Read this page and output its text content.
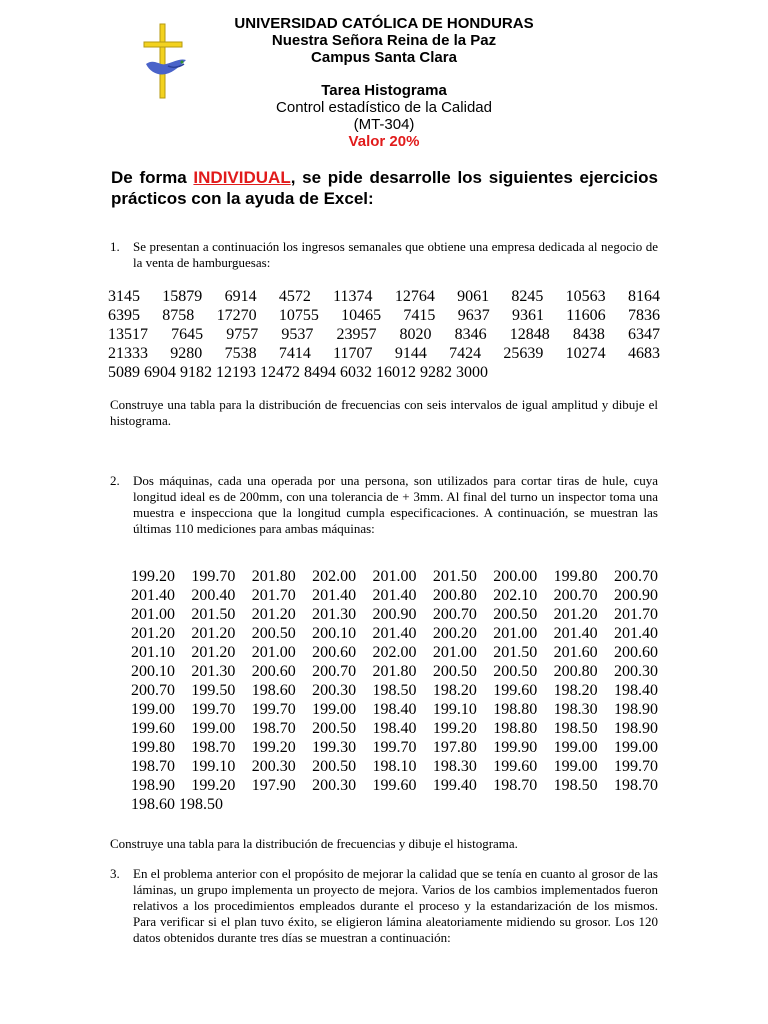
UNIVERSIDAD CATÓLICA DE HONDURAS
Nuestra Señora Reina de la Paz
Campus Santa Clara
Tarea Histograma
Control estadístico de la Calidad
(MT-304)
Valor 20%
De forma INDIVIDUAL, se pide desarrolle los siguientes ejercicios prácticos con la ayuda de Excel:
1.	Se presentan a continuación los ingresos semanales que obtiene una empresa dedicada al negocio de la venta de hamburguesas:
3145 15879 6914 4572 11374 12764 9061 8245 10563 8164
6395 8758 17270 10755 10465 7415 9637 9361 11606 7836
13517 7645 9757 9537 23957 8020 8346 12848 8438 6347
21333 9280 7538 7414 11707 9144 7424 25639 10274 4683
5089 6904 9182 12193 12472 8494 6032 16012 9282 3000
Construye una tabla para la distribución de frecuencias con seis intervalos de igual amplitud y dibuje el histograma.
2.	Dos máquinas, cada una operada por una persona, son utilizados para cortar tiras de hule, cuya longitud ideal es de 200mm, con una tolerancia de + 3mm. Al final del turno un inspector toma una muestra e inspecciona que la longitud cumpla especificaciones. A continuación, se muestran las últimas 110 mediciones para ambas máquinas:
199.20 199.70 201.80 202.00 201.00 201.50 200.00 199.80 200.70
201.40 200.40 201.70 201.40 201.40 200.80 202.10 200.70 200.90
201.00 201.50 201.20 201.30 200.90 200.70 200.50 201.20 201.70
201.20 201.20 200.50 200.10 201.40 200.20 201.00 201.40 201.40
201.10 201.20 201.00 200.60 202.00 201.00 201.50 201.60 200.60
200.10 201.30 200.60 200.70 201.80 200.50 200.50 200.80 200.30
200.70 199.50 198.60 200.30 198.50 198.20 199.60 198.20 198.40
199.00 199.70 199.70 199.00 198.40 199.10 198.80 198.30 198.90
199.60 199.00 198.70 200.50 198.40 199.20 198.80 198.50 198.90
199.80 198.70 199.20 199.30 199.70 197.80 199.90 199.00 199.00
198.70 199.10 200.30 200.50 198.10 198.30 199.60 199.00 199.70
198.90 199.20 197.90 200.30 199.60 199.40 198.70 198.50 198.70
198.60 198.50
Construye una tabla para la distribución de frecuencias y dibuje el histograma.
3.	En el problema anterior con el propósito de mejorar la calidad que se tenía en cuanto al grosor de las láminas, un grupo implementa un proyecto de mejora. Varios de los cambios implementados fueron relativos a los procedimientos empleados durante el proceso y la estandarización de los mismos. Para verificar si el plan tuvo éxito, se eligieron lámina aleatoriamente midiendo su grosor. Los 120 datos obtenidos durante tres días se muestran a continuación:
